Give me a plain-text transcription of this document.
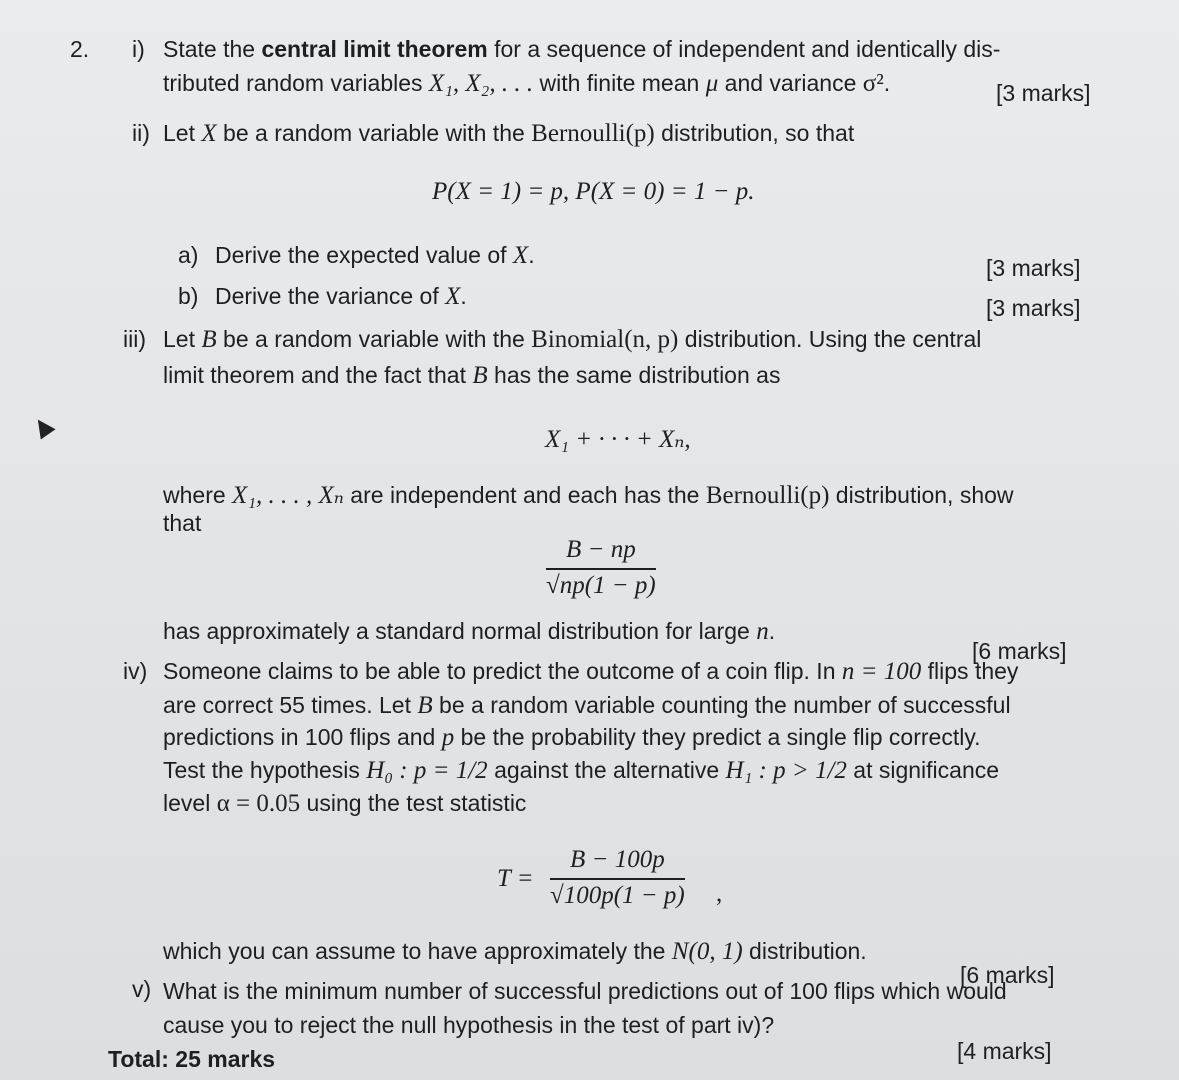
2. i) State the central limit theorem for a sequence of independent and identically dis-
tributed random variables X₁, X₂, . . . with finite mean μ and variance σ².	[3 marks]
ii) Let X be a random variable with the Bernoulli(p) distribution, so that
P(X = 1) = p, P(X = 0) = 1 − p.
a) Derive the expected value of X.	[3 marks]
b) Derive the variance of X.	[3 marks]
iii) Let B be a random variable with the Binomial(n, p) distribution. Using the central
limit theorem and the fact that B has the same distribution as
X₁ + · · · + Xₙ,
where X₁, . . . , Xₙ are independent and each has the Bernoulli(p) distribution, show
that
B − np
√np(1 − p)
has approximately a standard normal distribution for large n.
[6 marks]
iv) Someone claims to be able to predict the outcome of a coin flip. In n = 100 flips they
are correct 55 times. Let B be a random variable counting the number of successful
predictions in 100 flips and p be the probability they predict a single flip correctly.
Test the hypothesis H₀ : p = 1/2 against the alternative H₁ : p > 1/2 at significance
level α = 0.05 using the test statistic
T =
B − 100p
√100p(1 − p) ,
which you can assume to have approximately the N(0, 1) distribution.
[6 marks]
v) What is the minimum number of successful predictions out of 100 flips which would
cause you to reject the null hypothesis in the test of part iv)?
[4 marks]
Total: 25 marks
